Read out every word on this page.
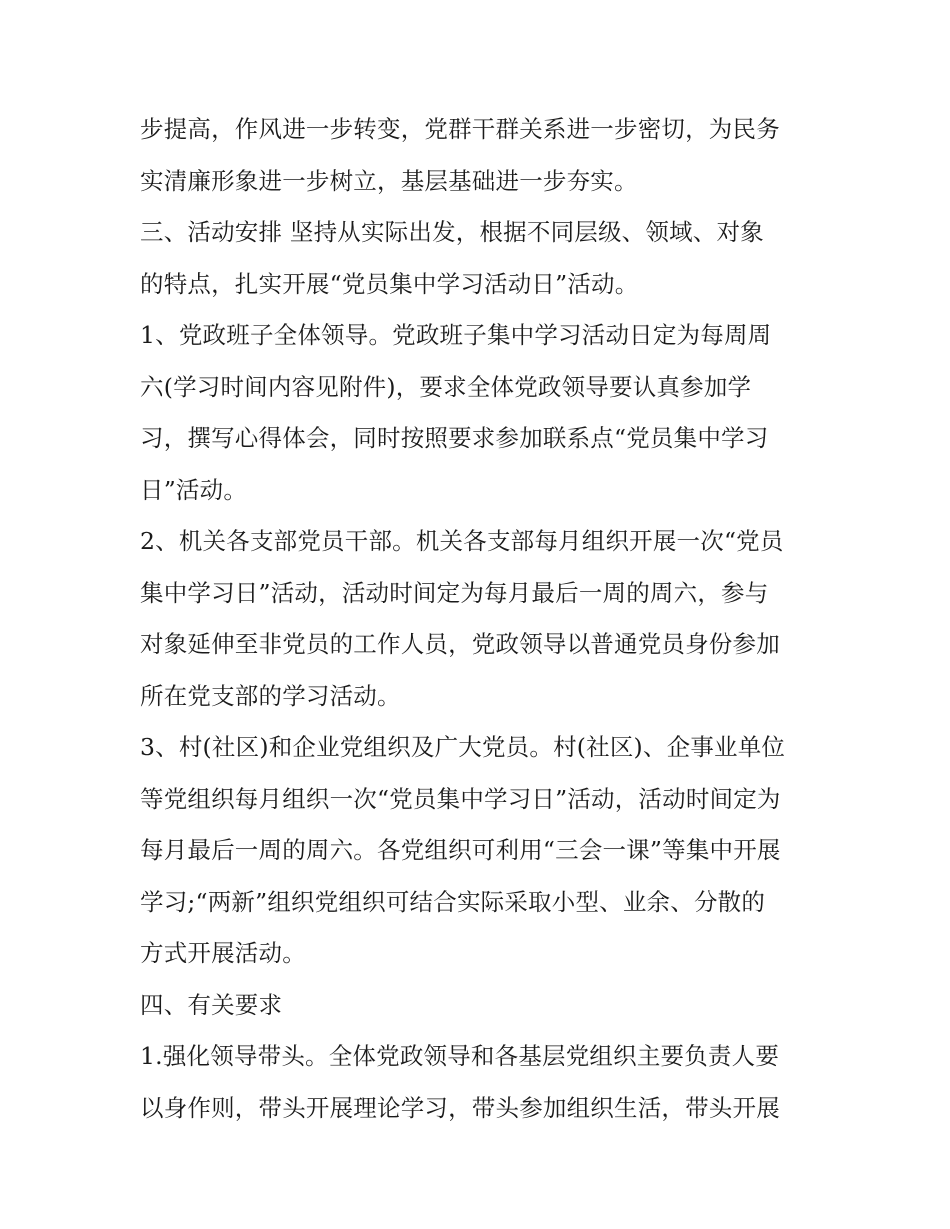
步提高，作风进一步转变，党群干群关系进一步密切，为民务
实清廉形象进一步树立，基层基础进一步夯实。
三、活动安排 坚持从实际出发，根据不同层级、领域、对象
的特点，扎实开展“党员集中学习活动日”活动。
1、党政班子全体领导。党政班子集中学习活动日定为每周周
六(学习时间内容见附件)，要求全体党政领导要认真参加学
习，撰写心得体会，同时按照要求参加联系点“党员集中学习
日”活动。
2、机关各支部党员干部。机关各支部每月组织开展一次“党员
集中学习日”活动，活动时间定为每月最后一周的周六，参与
对象延伸至非党员的工作人员，党政领导以普通党员身份参加
所在党支部的学习活动。
3、村(社区)和企业党组织及广大党员。村(社区)、企事业单位
等党组织每月组织一次“党员集中学习日”活动，活动时间定为
每月最后一周的周六。各党组织可利用“三会一课”等集中开展
学习;“两新”组织党组织可结合实际采取小型、业余、分散的
方式开展活动。
四、有关要求
1.强化领导带头。全体党政领导和各基层党组织主要负责人要
以身作则，带头开展理论学习，带头参加组织生活，带头开展
